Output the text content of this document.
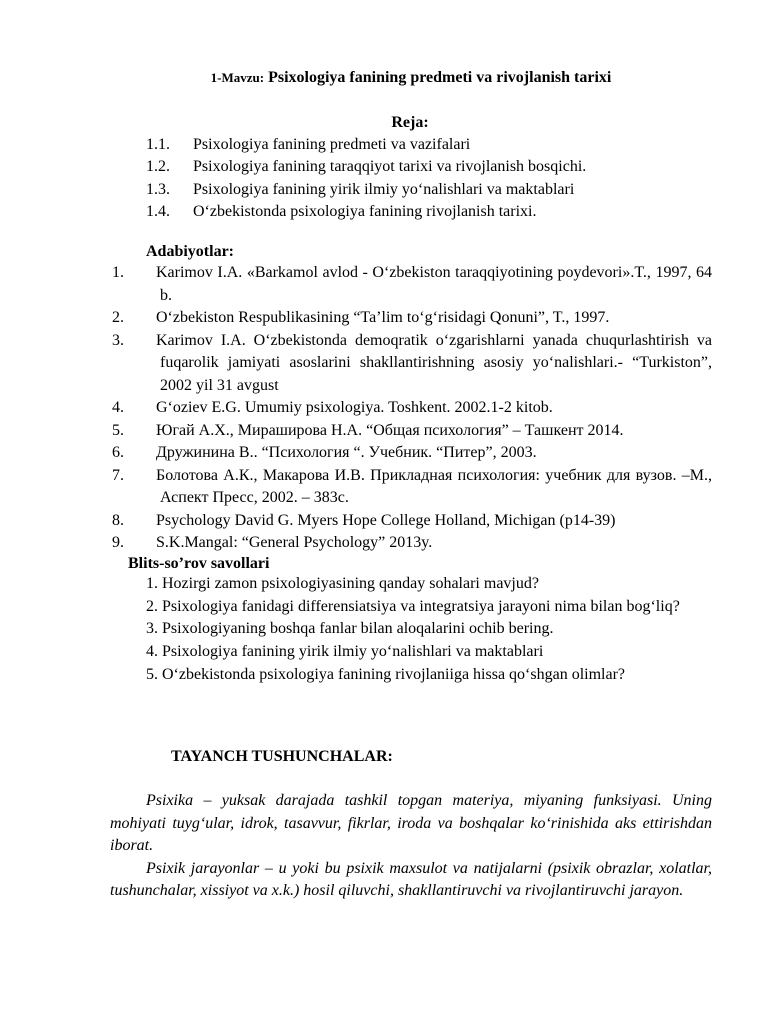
1-Mavzu: Psixologiya fanining predmeti va rivojlanish tarixi
Reja:
1.1. Psixologiya fanining predmeti va vazifalari
1.2. Psixologiya fanining taraqqiyot tarixi va rivojlanish bosqichi.
1.3. Psixologiya fanining yirik ilmiy yo‘nalishlari va maktablari
1.4. O‘zbekistonda psixologiya fanining rivojlanish tarixi.
Adabiyotlar:
1. Karimov I.A. «Barkamol avlod - O‘zbekiston taraqqiyotining poydevori».T., 1997, 64 b.
2. O‘zbekiston Respublikasining “Ta’lim to‘g‘risidagi Qonuni”, T., 1997.
3. Karimov I.A. O‘zbekistonda demoqratik o‘zgarishlarni yanada chuqurlashtirish va fuqarolik jamiyati asoslarini shakllantirishning asosiy yo‘nalishlari.- “Turkiston”, 2002 yil 31 avgust
4. G‘oziev E.G. Umumiy psixologiya. Toshkent. 2002.1-2 kitob.
5. Югай А.Х., Мираширова Н.А. “Общая психология” – Ташкент 2014.
6. Дружинина В.. “Психология “. Учебник. “Питер”, 2003.
7. Болотова А.К., Макарова И.В. Прикладная психология: учебник для вузов. –М., Аспект Пресс, 2002. – 383с.
8. Psychology David G. Myers Hope College Holland, Michigan (p14-39)
9. S.K.Mangal: “General Psychology” 2013y.
Blits-so’rov savollari
1. Hozirgi zamon psixologiyasining qanday sohalari mavjud?
2. Psixologiya fanidagi differensiatsiya va integratsiya jarayoni nima bilan bog‘liq?
3. Psixologiyaning boshqa fanlar bilan aloqalarini ochib bering.
4. Psixologiya fanining yirik ilmiy yo‘nalishlari va maktablari
5. O‘zbekistonda psixologiya fanining rivojlaniiga hissa qo‘shgan olimlar?
TAYANCH TUSHUNCHALAR:

Psixika – yuksak darajada tashkil topgan materiya, miyaning funksiyasi. Uning mohiyati tuyg‘ular, idrok, tasavvur, fikrlar, iroda va boshqalar ko‘rinishida aks ettirishdan iborat.

Psixik jarayonlar – u yoki bu psixik maxsulot va natijalarni (psixik obrazlar, xolatlar, tushunchalar, xissiyot va x.k.) hosil qiluvchi, shakllantiruvchi va rivojlantiruvchi jarayon.
